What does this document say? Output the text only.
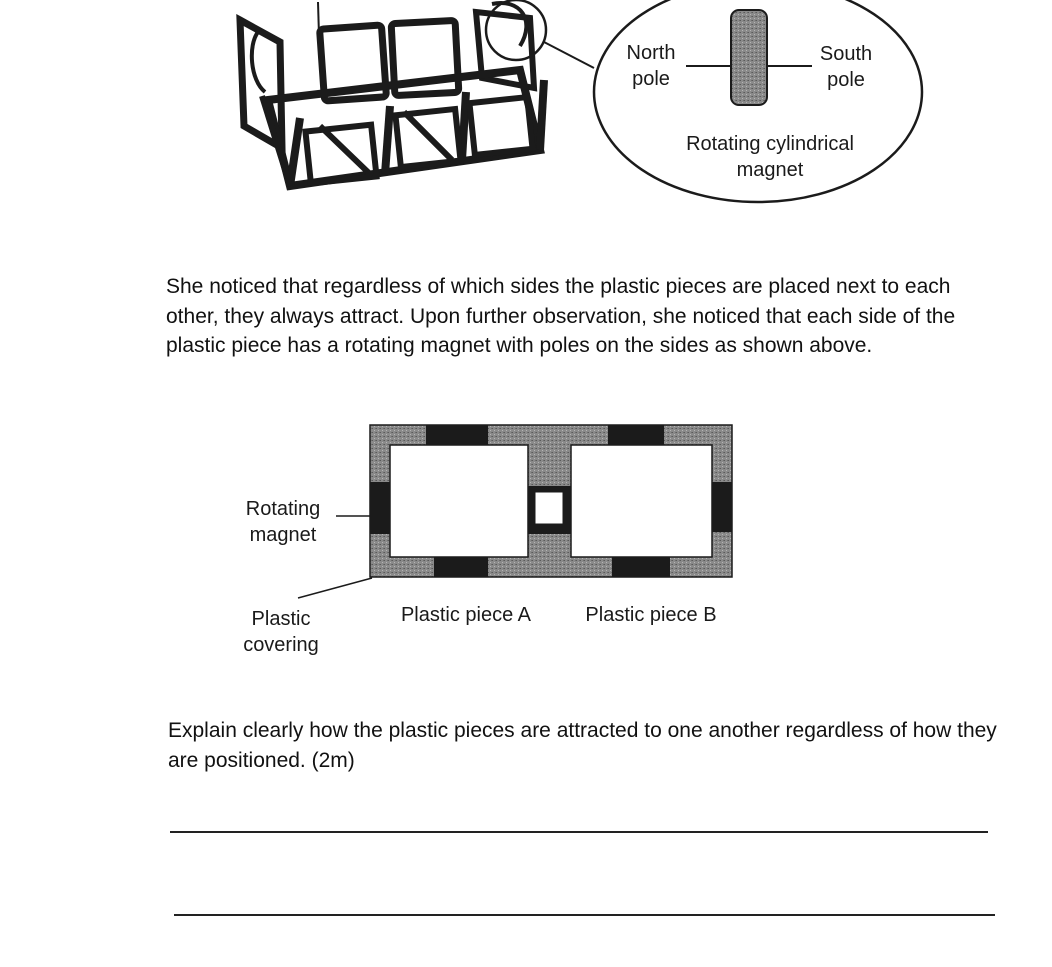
North
pole
South
pole
Rotating cylindrical
magnet
She noticed that regardless of which sides the plastic pieces are placed next to each other, they always attract. Upon further observation, she noticed that each side of the plastic piece has a rotating magnet with poles on the sides as shown above.
Rotating
magnet
Plastic
covering
Plastic piece A	Plastic piece B
Explain clearly how the plastic pieces are attracted to one another regardless of how they are positioned. (2m)
